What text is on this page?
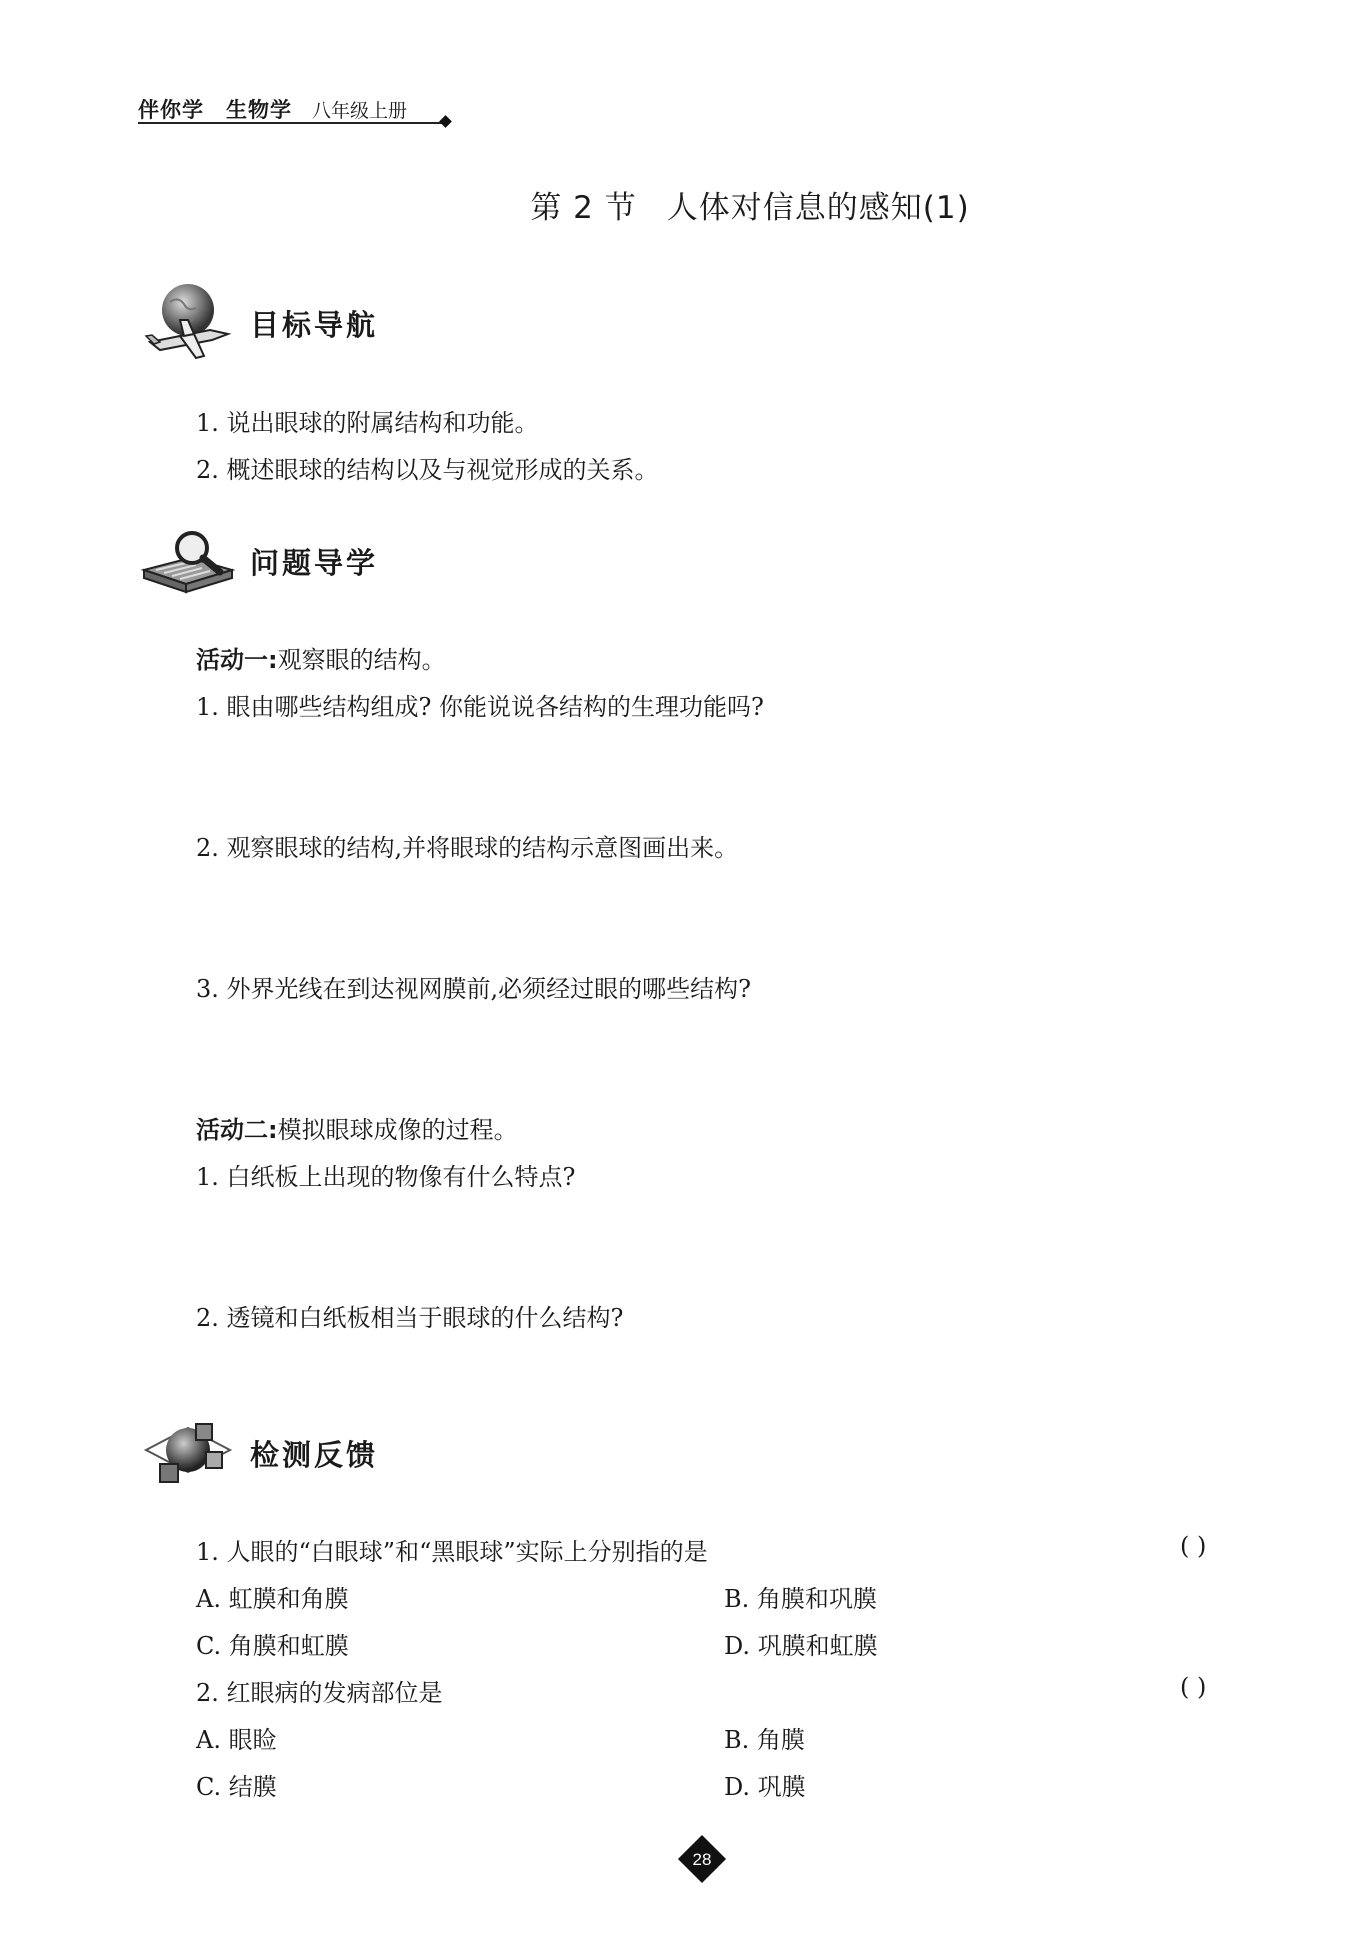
伴你学 生物学 八年级上册
第 2 节 人体对信息的感知(1)
目标导航
1. 说出眼球的附属结构和功能。
2. 概述眼球的结构以及与视觉形成的关系。
问题导学
活动一:观察眼的结构。
1. 眼由哪些结构组成? 你能说说各结构的生理功能吗?
2. 观察眼球的结构,并将眼球的结构示意图画出来。
3. 外界光线在到达视网膜前,必须经过眼的哪些结构?
活动二:模拟眼球成像的过程。
1. 白纸板上出现的物像有什么特点?
2. 透镜和白纸板相当于眼球的什么结构?
检测反馈
1. 人眼的“白眼球”和“黑眼球”实际上分别指的是	( )
A. 虹膜和角膜	B. 角膜和巩膜
C. 角膜和虹膜	D. 巩膜和虹膜
2. 红眼病的发病部位是	( )
A. 眼睑	B. 角膜
C. 结膜	D. 巩膜
28
